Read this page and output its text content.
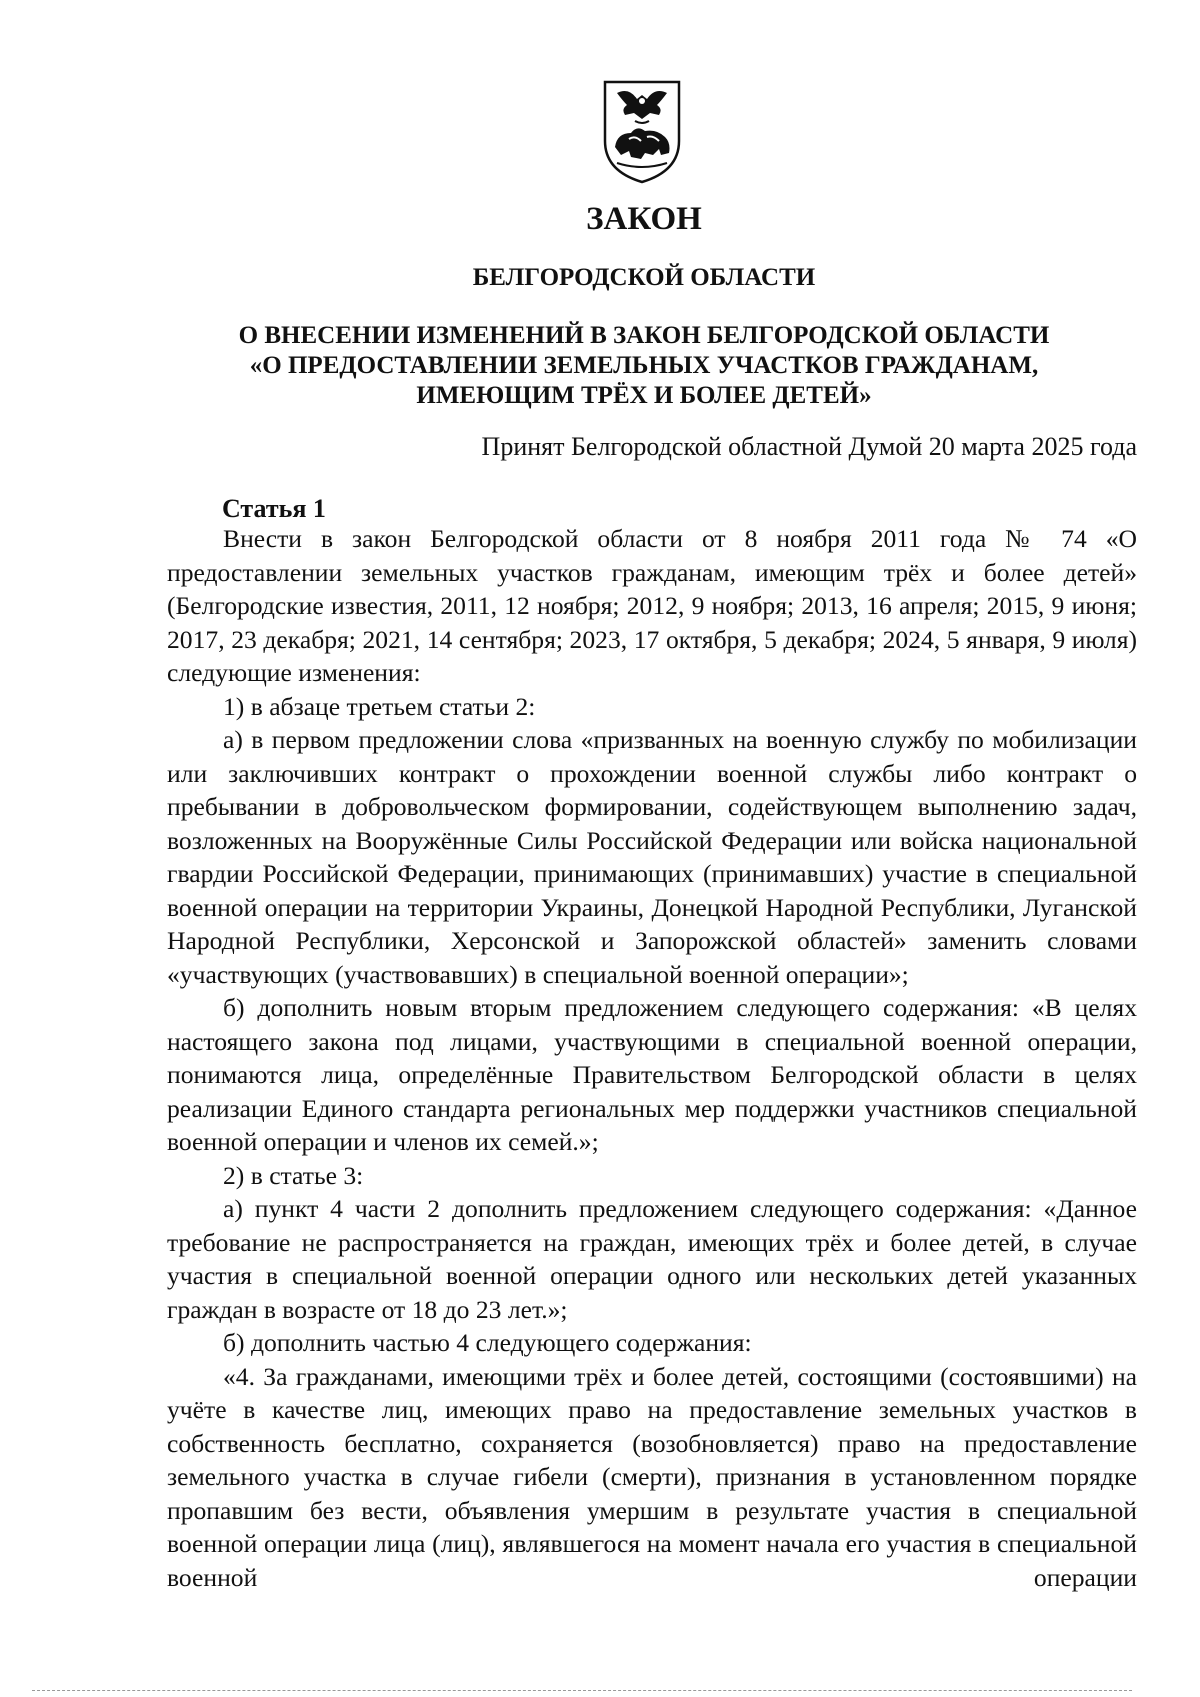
ЗАКОН
БЕЛГОРОДСКОЙ ОБЛАСТИ
О ВНЕСЕНИИ ИЗМЕНЕНИЙ В ЗАКОН БЕЛГОРОДСКОЙ ОБЛАСТИ
«О ПРЕДОСТАВЛЕНИИ ЗЕМЕЛЬНЫХ УЧАСТКОВ ГРАЖДАНАМ,
ИМЕЮЩИМ ТРЁХ И БОЛЕЕ ДЕТЕЙ»
Принят Белгородской областной Думой 20 марта 2025 года
Статья 1

Внести в закон Белгородской области от 8 ноября 2011 года № 74 «О предоставлении земельных участков гражданам, имеющим трёх и более детей» (Белгородские известия, 2011, 12 ноября; 2012, 9 ноября; 2013, 16 апреля; 2015, 9 июня; 2017, 23 декабря; 2021, 14 сентября; 2023, 17 октября, 5 декабря; 2024, 5 января, 9 июля) следующие изменения:

1) в абзаце третьем статьи 2:

а) в первом предложении слова «призванных на военную службу по мобилизации или заключивших контракт о прохождении военной службы либо контракт о пребывании в добровольческом формировании, содействующем выполнению задач, возложенных на Вооружённые Силы Российской Федерации или войска национальной гвардии Российской Федерации, принимающих (принимавших) участие в специальной военной операции на территории Украины, Донецкой Народной Республики, Луганской Народной Республики, Херсонской и Запорожской областей» заменить словами «участвующих (участвовавших) в специальной военной операции»;

б) дополнить новым вторым предложением следующего содержания: «В целях настоящего закона под лицами, участвующими в специальной военной операции, понимаются лица, определённые Правительством Белгородской области в целях реализации Единого стандарта региональных мер поддержки участников специальной военной операции и членов их семей.»;

2) в статье 3:

а) пункт 4 части 2 дополнить предложением следующего содержания: «Данное требование не распространяется на граждан, имеющих трёх и более детей, в случае участия в специальной военной операции одного или нескольких детей указанных граждан в возрасте от 18 до 23 лет.»;

б) дополнить частью 4 следующего содержания:

«4. За гражданами, имеющими трёх и более детей, состоящими (состоявшими) на учёте в качестве лиц, имеющих право на предоставление земельных участков в собственность бесплатно, сохраняется (возобновляется) право на предоставление земельного участка в случае гибели (смерти), признания в установленном порядке пропавшим без вести, объявления умершим в результате участия в специальной военной операции лица (лиц), являвшегося на момент начала его участия в специальной военной операции
